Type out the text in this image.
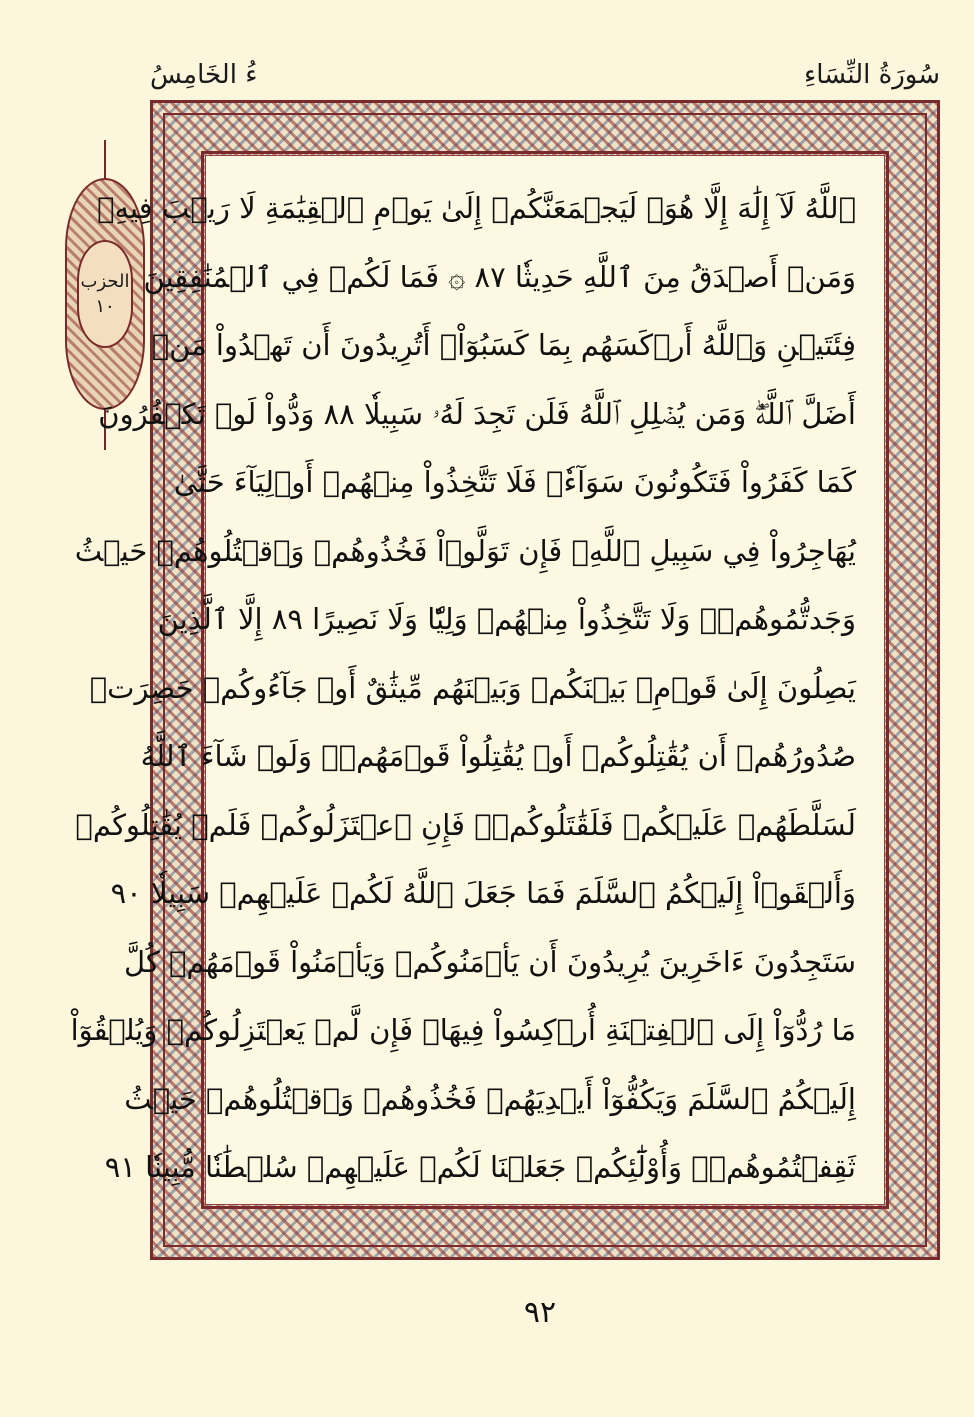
سُورَةُ النِّسَاءِ
ءُ الخَامِسُ
الحزب
١٠
ٱللَّهُ لَآ إِلَٰهَ إِلَّا هُوَۚ لَيَجۡمَعَنَّكُمۡ إِلَىٰ يَوۡمِ ٱلۡقِيَٰمَةِ لَا رَيۡبَ فِيهِۗ
وَمَنۡ أَصۡدَقُ مِنَ ٱللَّهِ حَدِيثٗا ٨٧ ۞ فَمَا لَكُمۡ فِي ٱلۡمُنَٰفِقِينَ
فِئَتَيۡنِ وَٱللَّهُ أَرۡكَسَهُم بِمَا كَسَبُوٓاْۚ أَتُرِيدُونَ أَن تَهۡدُواْ مَنۡ
أَضَلَّ ٱللَّهُۖ وَمَن يُضۡلِلِ ٱللَّهُ فَلَن تَجِدَ لَهُۥ سَبِيلٗا ٨٨ وَدُّواْ لَوۡ تَكۡفُرُونَ
كَمَا كَفَرُواْ فَتَكُونُونَ سَوَآءٗۖ فَلَا تَتَّخِذُواْ مِنۡهُمۡ أَوۡلِيَآءَ حَتَّىٰ
يُهَاجِرُواْ فِي سَبِيلِ ٱللَّهِۚ فَإِن تَوَلَّوۡاْ فَخُذُوهُمۡ وَٱقۡتُلُوهُمۡ حَيۡثُ
وَجَدتُّمُوهُمۡۖ وَلَا تَتَّخِذُواْ مِنۡهُمۡ وَلِيّٗا وَلَا نَصِيرًا ٨٩ إِلَّا ٱلَّذِينَ
يَصِلُونَ إِلَىٰ قَوۡمِۭ بَيۡنَكُمۡ وَبَيۡنَهُم مِّيثَٰقٌ أَوۡ جَآءُوكُمۡ حَصِرَتۡ
صُدُورُهُمۡ أَن يُقَٰتِلُوكُمۡ أَوۡ يُقَٰتِلُواْ قَوۡمَهُمۡۚ وَلَوۡ شَآءَ ٱللَّهُ
لَسَلَّطَهُمۡ عَلَيۡكُمۡ فَلَقَٰتَلُوكُمۡۚ فَإِنِ ٱعۡتَزَلُوكُمۡ فَلَمۡ يُقَٰتِلُوكُمۡ
وَأَلۡقَوۡاْ إِلَيۡكُمُ ٱلسَّلَمَ فَمَا جَعَلَ ٱللَّهُ لَكُمۡ عَلَيۡهِمۡ سَبِيلٗا ٩٠
سَتَجِدُونَ ءَاخَرِينَ يُرِيدُونَ أَن يَأۡمَنُوكُمۡ وَيَأۡمَنُواْ قَوۡمَهُمۡ كُلَّ
مَا رُدُّوٓاْ إِلَى ٱلۡفِتۡنَةِ أُرۡكِسُواْ فِيهَاۚ فَإِن لَّمۡ يَعۡتَزِلُوكُمۡ وَيُلۡقُوٓاْ
إِلَيۡكُمُ ٱلسَّلَمَ وَيَكُفُّوٓاْ أَيۡدِيَهُمۡ فَخُذُوهُمۡ وَٱقۡتُلُوهُمۡ حَيۡثُ
ثَقِفۡتُمُوهُمۡۚ وَأُوْلَٰٓئِكُمۡ جَعَلۡنَا لَكُمۡ عَلَيۡهِمۡ سُلۡطَٰنٗا مُّبِينٗا ٩١
٩٢
